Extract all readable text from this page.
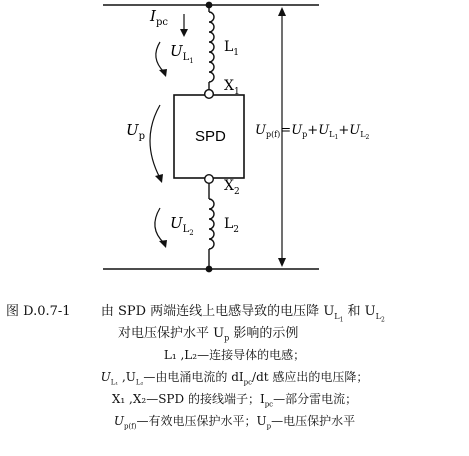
$I_{pc}$
$U_{L1}$
$L_1$
$X_1$
$U_p$	SPD
$X_2$
$U_{L2}$
$L_2$
$U_{p(f)}=U_p+U_L1+U_L2$
图 D.0.7-1 由 SPD 两端连线上电感导致的电压降 $U_{L_1}$ 和 $U_{L_2}$
对电压保护水平 $U_p$ 影响的示例
L₁ ,L₂—连接导体的电感；
$U_{L_1}$ $,U_{L_2}—$由电涌电流的 $dI_{pc}/dt$ 感应出的电压降；
X₁ ,X₂—SPD 的接线端子；$I_{pc}—$部分雷电流；
$U_{p(f)}—$有效电压保护水平；$U_p—$电压保护水平
